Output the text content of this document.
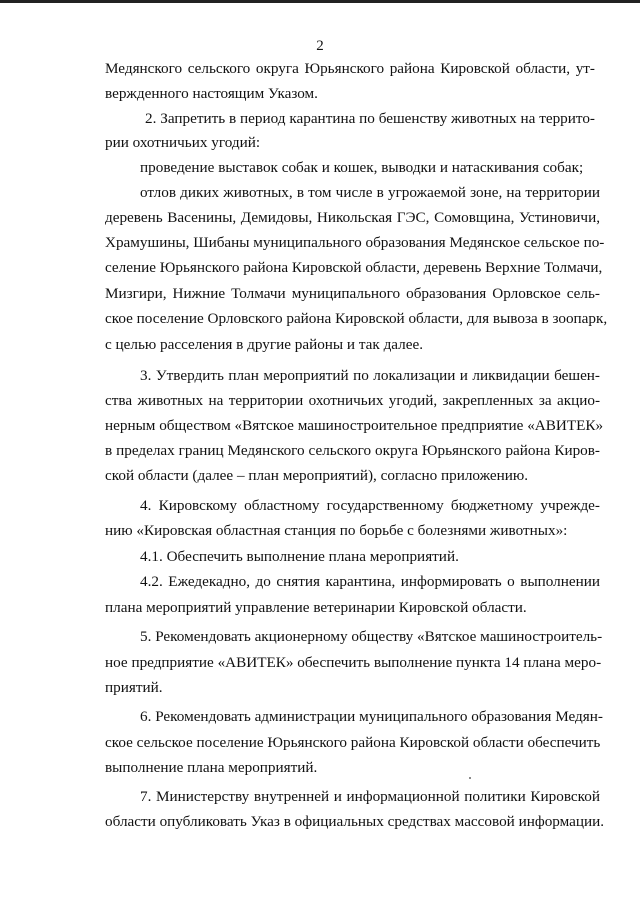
2
Медянского сельского округа Юрьянского района Кировской области, ут-
вержденного настоящим Указом.
2. Запретить в период карантина по бешенству животных на террито-
рии охотничьих угодий:
проведение выставок собак и кошек, выводки и натаскивания собак;
отлов диких животных, в том числе в угрожаемой зоне, на территории
деревень Васенины, Демидовы, Никольская ГЭС, Сомовщина, Устиновичи,
Храмушины, Шибаны муниципального образования Медянское сельское по-
селение Юрьянского района Кировской области, деревень Верхние Толмачи,
Мизгири, Нижние Толмачи муниципального образования Орловское сель-
ское поселение Орловского района Кировской области, для вывоза в зоопарк,
с целью расселения в другие районы и так далее.
3. Утвердить план мероприятий по локализации и ликвидации бешен-
ства животных на территории охотничьих угодий, закрепленных за акцио-
нерным обществом «Вятское машиностроительное предприятие «АВИТЕК»
в пределах границ Медянского сельского округа Юрьянского района Киров-
ской области (далее – план мероприятий), согласно приложению.
4. Кировскому областному государственному бюджетному учрежде-
нию «Кировская областная станция по борьбе с болезнями животных»:
4.1. Обеспечить выполнение плана мероприятий.
4.2. Ежедекадно, до снятия карантина, информировать о выполнении
плана мероприятий управление ветеринарии Кировской области.
5. Рекомендовать акционерному обществу «Вятское машиностроитель-
ное предприятие «АВИТЕК» обеспечить выполнение пункта 14 плана меро-
приятий.
6. Рекомендовать администрации муниципального образования Медян-
ское сельское поселение Юрьянского района Кировской области обеспечить
выполнение плана мероприятий.
7. Министерству внутренней и информационной политики Кировской
области опубликовать Указ в официальных средствах массовой информации.
